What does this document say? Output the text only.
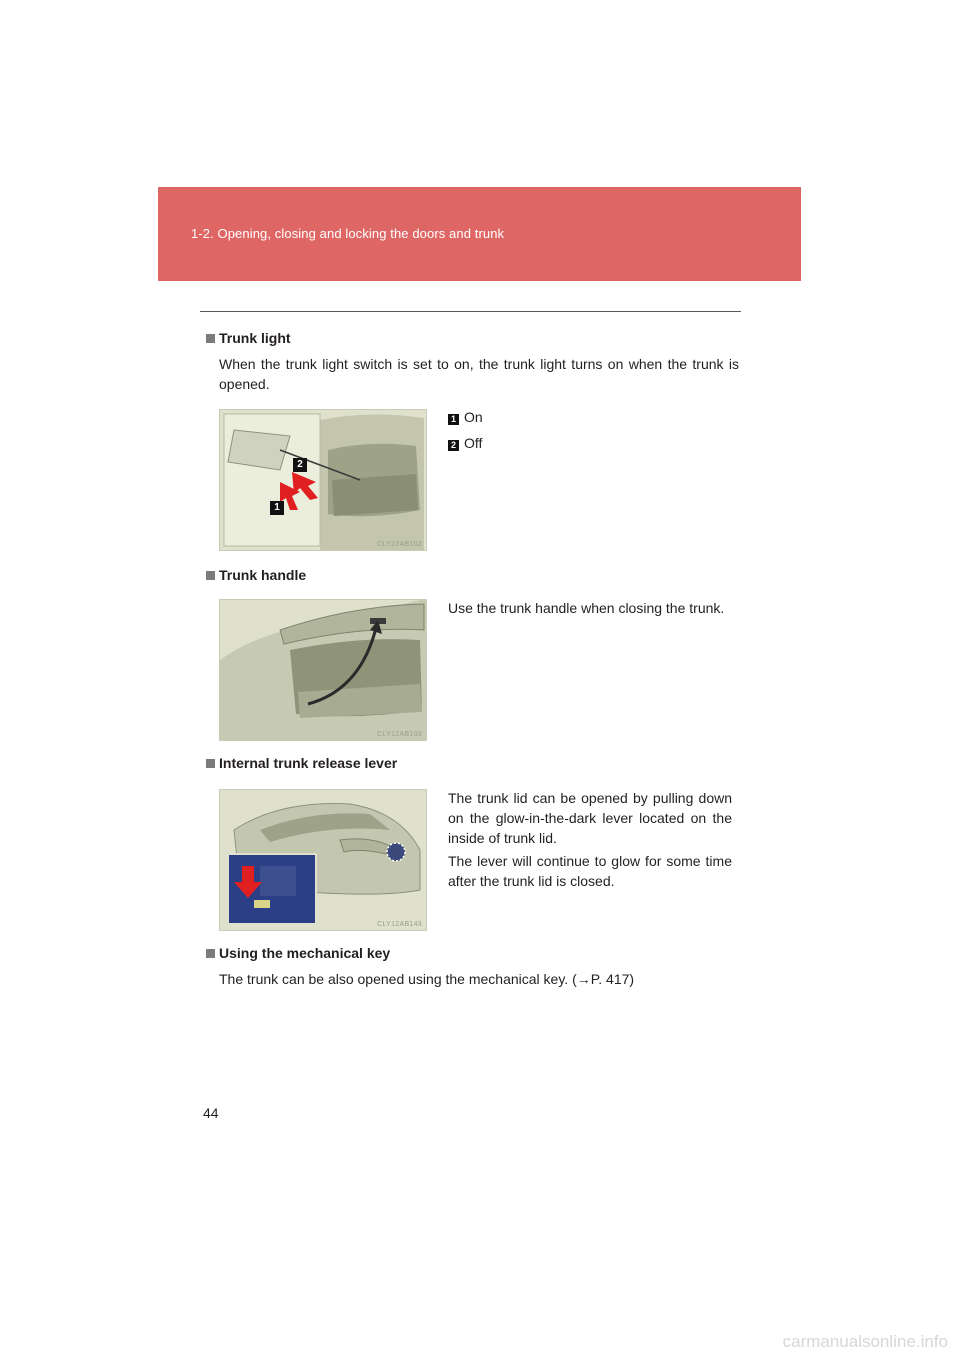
1-2. Opening, closing and locking the doors and trunk
Trunk light
When the trunk light switch is set to on, the trunk light turns on when the trunk is opened.
2
1
CLY12AB102
1 On
2 Off
Trunk handle
CLY12AB103
Use the trunk handle when closing the trunk.
Internal trunk release lever
CLY12AB143
The trunk lid can be opened by pulling down on the glow-in-the-dark lever located on the inside of trunk lid.
The lever will continue to glow for some time after the trunk lid is closed.
Using the mechanical key
The trunk can be also opened using the mechanical key. (→P. 417)
44
carmanualsonline.info
